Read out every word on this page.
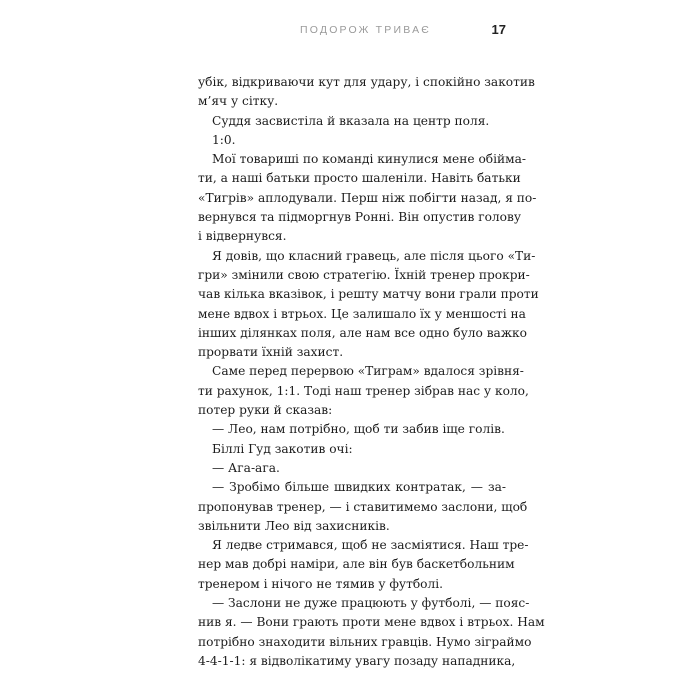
ПОДОРОЖ ТРИВАЄ	17
убік, відкриваючи кут для удару, і спокійно закотив
м’яч у сітку.
Суддя засвистіла й вказала на центр поля.
1:0.
Мої товариші по команді кинулися мене обійма-
ти, а наші батьки просто шаленіли. Навіть батьки
«Тигрів» аплодували. Перш ніж побігти назад, я по-
вернувся та підморгнув Ронні. Він опустив голову
і відвернувся.
Я довів, що класний гравець, але після цього «Ти-
гри» змінили свою стратегію. Їхній тренер прокри-
чав кілька вказівок, і решту матчу вони грали проти
мене вдвох і втрьох. Це залишало їх у меншості на
інших ділянках поля, але нам все одно було важко
прорвати їхній захист.
Саме перед перервою «Тиграм» вдалося зрівня-
ти рахунок, 1:1. Тоді наш тренер зібрав нас у коло,
потер руки й сказав:
— Лео, нам потрібно, щоб ти забив іще голів.
Біллі Гуд закотив очі:
— Ага-ага.
— Зробімо більше швидких контратак, — за-
пропонував тренер, — і ставитимемо заслони, щоб
звільнити Лео від захисників.
Я ледве стримався, щоб не засміятися. Наш тре-
нер мав добрі наміри, але він був баскетбольним
тренером і нічого не тямив у футболі.
— Заслони не дуже працюють у футболі, — пояс-
нив я. — Вони грають проти мене вдвох і втрьох. Нам
потрібно знаходити вільних гравців. Нумо зіграймо
4-4-1-1: я відволікатиму увагу позаду нападника,
